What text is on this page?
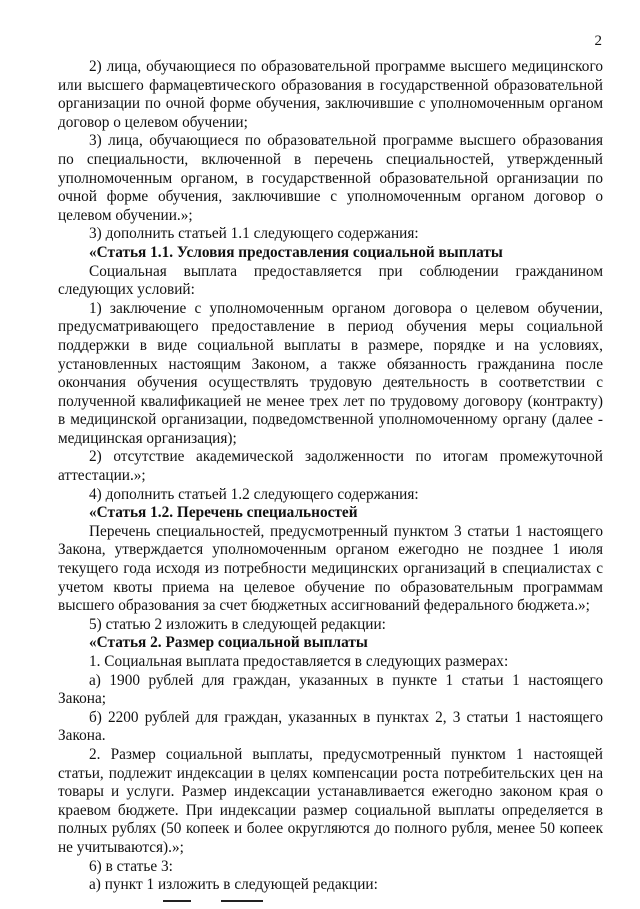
2

2) лица, обучающиеся по образовательной программе высшего медицинского или высшего фармацевтического образования в государственной образовательной организации по очной форме обучения, заключившие с уполномоченным органом договор о целевом обучении;

3) лица, обучающиеся по образовательной программе высшего образования по специальности, включенной в перечень специальностей, утвержденный уполномоченным органом, в государственной образовательной организации по очной форме обучения, заключившие с уполномоченным органом договор о целевом обучении.»;

3) дополнить статьей 1.1 следующего содержания:

«Статья 1.1. Условия предоставления социальной выплаты

Социальная выплата предоставляется при соблюдении гражданином следующих условий:

1) заключение с уполномоченным органом договора о целевом обучении, предусматривающего предоставление в период обучения меры социальной поддержки в виде социальной выплаты в размере, порядке и на условиях, установленных настоящим Законом, а также обязанность гражданина после окончания обучения осуществлять трудовую деятельность в соответствии с полученной квалификацией не менее трех лет по трудовому договору (контракту) в медицинской организации, подведомственной уполномоченному органу (далее - медицинская организация);

2) отсутствие академической задолженности по итогам промежуточной аттестации.»;

4) дополнить статьей 1.2 следующего содержания:

«Статья 1.2. Перечень специальностей

Перечень специальностей, предусмотренный пунктом 3 статьи 1 настоящего Закона, утверждается уполномоченным органом ежегодно не позднее 1 июля текущего года исходя из потребности медицинских организаций в специалистах с учетом квоты приема на целевое обучение по образовательным программам высшего образования за счет бюджетных ассигнований федерального бюджета.»;

5) статью 2 изложить в следующей редакции:

«Статья 2. Размер социальной выплаты

1. Социальная выплата предоставляется в следующих размерах:

а) 1900 рублей для граждан, указанных в пункте 1 статьи 1 настоящего Закона;

б) 2200 рублей для граждан, указанных в пунктах 2, 3 статьи 1 настоящего Закона.

2. Размер социальной выплаты, предусмотренный пунктом 1 настоящей статьи, подлежит индексации в целях компенсации роста потребительских цен на товары и услуги. Размер индексации устанавливается ежегодно законом края о краевом бюджете. При индексации размер социальной выплаты определяется в полных рублях (50 копеек и более округляются до полного рубля, менее 50 копеек не учитываются).»;

6) в статье 3:

а) пункт 1 изложить в следующей редакции:
